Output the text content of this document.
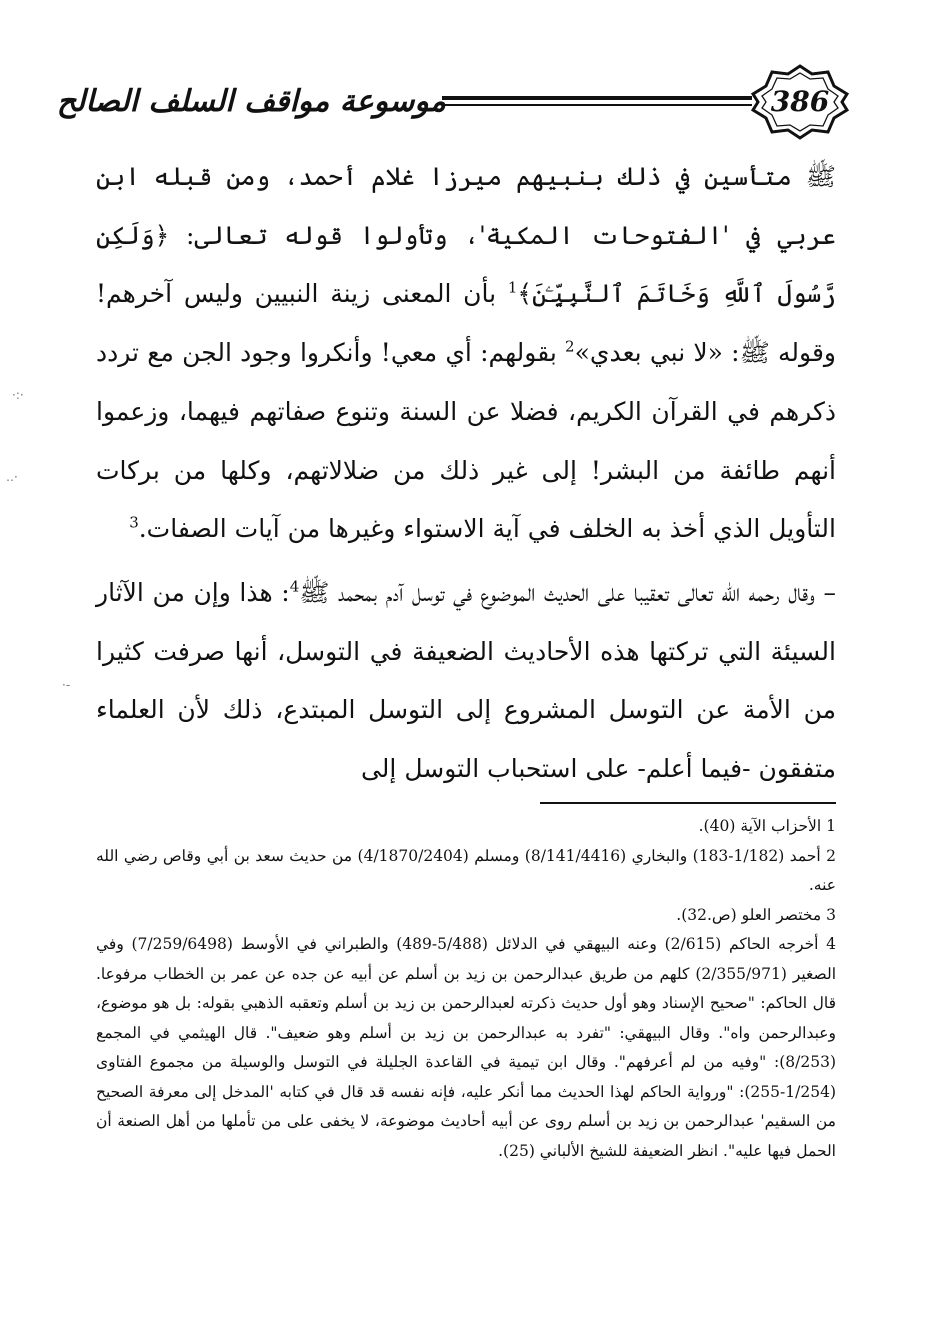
موسوعة مواقف السلف الصالح	386

ﷺ متأسين في ذلك بنبيهم ميرزا غلام أحمد، ومن قبله ابن عربي في 'الفتوحات المكية'، وتأولوا قوله تعالى: ﴿وَلَكِن رَّسُولَ ٱللَّهِ وَخَاتَمَ ٱلنَّبِيِّـۧنَ﴾$^1$ بأن المعنى زينة النبيين وليس آخرهم! وقوله ﷺ: «لا نبي بعدي»$^2$ بقولهم: أي معي! وأنكروا وجود الجن مع تردد ذكرهم في القرآن الكريم، فضلا عن السنة وتنوع صفاتهم فيهما، وزعموا أنهم طائفة من البشر! إلى غير ذلك من ضلالاتهم، وكلها من بركات التأويل الذي أخذ به الخلف في آية الاستواء وغيرها من آيات الصفات.$^3$

– وقال رحمه الله تعالى تعقيبا على الحديث الموضوع في توسل آدم بمحمد ﷺ$^4$: هذا وإن من الآثار السيئة التي تركتها هذه الأحاديث الضعيفة في التوسل، أنها صرفت كثيرا من الأمة عن التوسل المشروع إلى التوسل المبتدع، ذلك لأن العلماء متفقون -فيما أعلم- على استحباب التوسل إلى

1 الأحزاب الآية (40).

2 أحمد (1/182-183) والبخاري (8/141/4416) ومسلم (4/1870/2404) من حديث سعد بن أبي وقاص رضي الله عنه.

3 مختصر العلو (ص.32).

4 أخرجه الحاكم (2/615) وعنه البيهقي في الدلائل (5/488-489) والطبراني في الأوسط (7/259/6498) وفي الصغير (2/355/971) كلهم من طريق عبدالرحمن بن زيد بن أسلم عن أبيه عن جده عن عمر بن الخطاب مرفوعا. قال الحاكم: "صحيح الإسناد وهو أول حديث ذكرته لعبدالرحمن بن زيد بن أسلم وتعقبه الذهبي بقوله: بل هو موضوع، وعبدالرحمن واه". وقال البيهقي: "تفرد به عبدالرحمن بن زيد بن أسلم وهو ضعيف". قال الهيثمي في المجمع (8/253): "وفيه من لم أعرفهم". وقال ابن تيمية في القاعدة الجليلة في التوسل والوسيلة من مجموع الفتاوى (1/254-255): "ورواية الحاكم لهذا الحديث مما أنكر عليه، فإنه نفسه قد قال في كتابه 'المدخل إلى معرفة الصحيح من السقيم' عبدالرحمن بن زيد بن أسلم روى عن أبيه أحاديث موضوعة، لا يخفى على من تأملها من أهل الصنعة أن الحمل فيها عليه". انظر الضعيفة للشيخ الألباني (25).

·:·
‥·
·‐
